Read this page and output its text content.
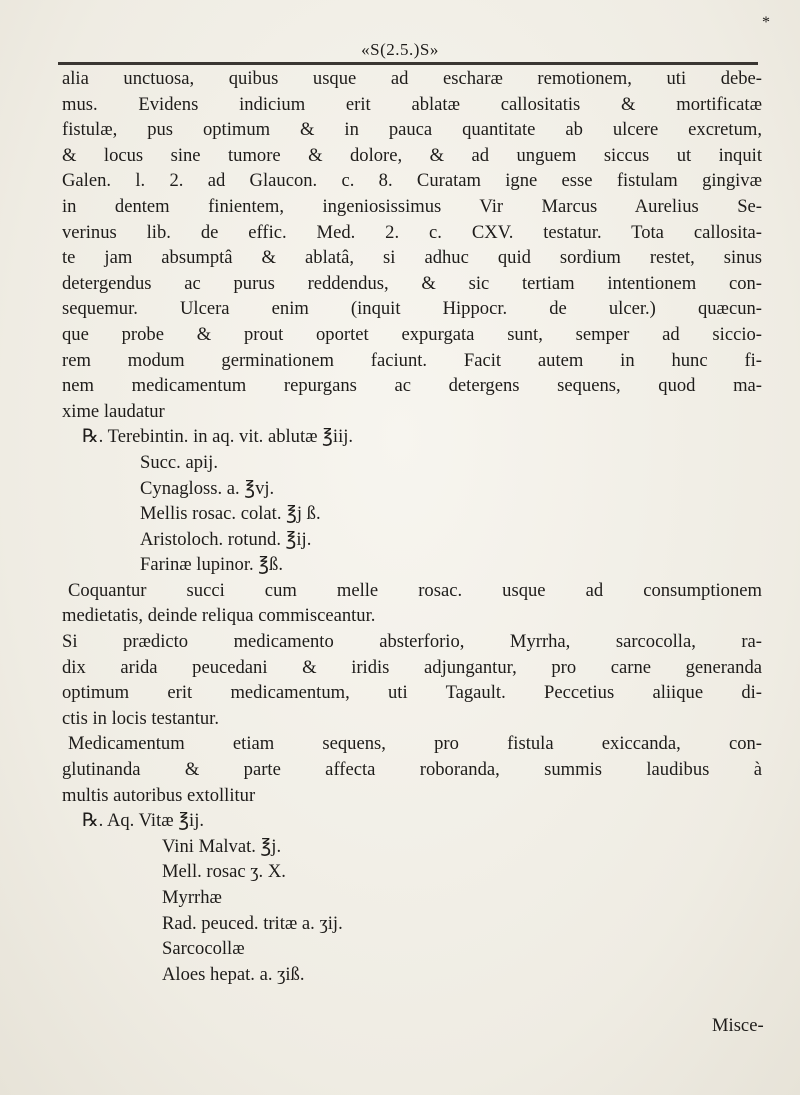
*
«S(2.5.)S»
alia unctuosa, quibus usque ad escharæ remotionem, uti debe-
mus. Evidens indicium erit ablatæ callositatis & mortificatæ
fistulæ, pus optimum & in pauca quantitate ab ulcere excretum,
& locus sine tumore & dolore, & ad unguem siccus ut inquit
Galen. l. 2. ad Glaucon. c. 8. Curatam igne esse fistulam gingivæ
in dentem finientem, ingeniosissimus Vir Marcus Aurelius Se-
verinus lib. de effic. Med. 2. c. CXV. testatur. Tota callosita-
te jam absumptâ & ablatâ, si adhuc quid sordium restet, sinus
detergendus ac purus reddendus, & sic tertiam intentionem con-
sequemur. Ulcera enim (inquit Hippocr. de ulcer.) quæcun-
que probe & prout oportet expurgata sunt, semper ad siccio-
rem modum germinationem faciunt. Facit autem in hunc fi-
nem medicamentum repurgans ac detergens sequens, quod ma-
xime laudatur
℞. Terebintin. in aq. vit. ablutæ ℥iij.
Succ. apij.
Cynagloss. a. ℥vj.
Mellis rosac. colat. ℥j ß.
Aristoloch. rotund. ℥ij.
Farinæ lupinor. ℥ß.
Coquantur succi cum melle rosac. usque ad consumptionem
medietatis, deinde reliqua commisceantur.
Si prædicto medicamento absterforio, Myrrha, sarcocolla, ra-
dix arida peucedani & iridis adjungantur, pro carne generanda
optimum erit medicamentum, uti Tagault. Peccetius aliique di-
ctis in locis testantur.
Medicamentum etiam sequens, pro fistula exiccanda, con-
glutinanda & parte affecta roboranda, summis laudibus à
multis autoribus extollitur
℞. Aq. Vitæ ℥ij.
Vini Malvat. ℥j.
Mell. rosac ʒ. X.
Myrrhæ
Rad. peuced. tritæ a. ʒij.
Sarcocollæ
Aloes hepat. a. ʒiß.
Misce-
